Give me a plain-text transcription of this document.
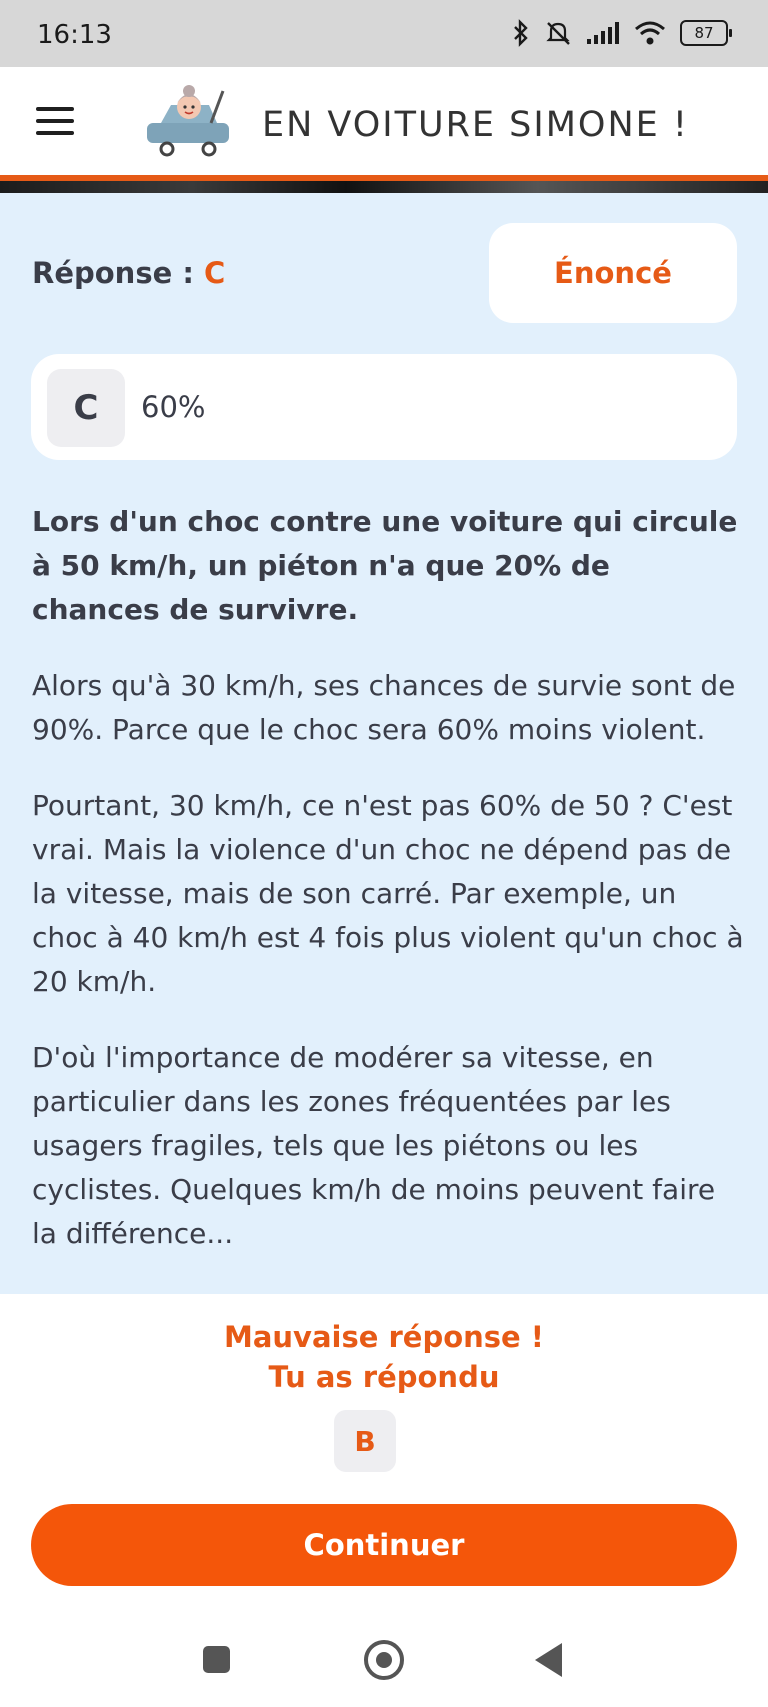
16:13	87
EN VOITURE SIMONE !
Réponse : C	Énoncé
C	60%

Lors d'un choc contre une voiture qui circule à 50 km/h, un piéton n'a que 20% de chances de survivre.

Alors qu'à 30 km/h, ses chances de survie sont de 90%. Parce que le choc sera 60% moins violent.

Pourtant, 30 km/h, ce n'est pas 60% de 50 ? C'est vrai. Mais la violence d'un choc ne dépend pas de la vitesse, mais de son carré. Par exemple, un choc à 40 km/h est 4 fois plus violent qu'un choc à 20 km/h.

D'où l'importance de modérer sa vitesse, en particulier dans les zones fréquentées par les usagers fragiles, tels que les piétons ou les cyclistes. Quelques km/h de moins peuvent faire la différence...

Mauvaise réponse !
Tu as répondu
B
Continuer
